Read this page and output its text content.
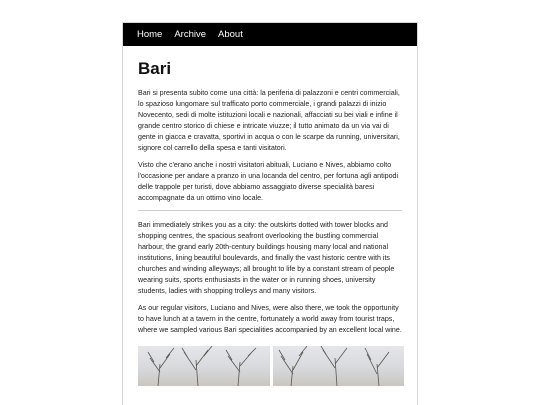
Home Archive About
Bari

Bari si presenta subito come una città: la periferia di palazzoni e centri commerciali, lo spazioso lungomare sul trafficato porto commerciale, i grandi palazzi di inizio Novecento, sedi di molte istituzioni locali e nazionali, affacciati su bei viali e infine il grande centro storico di chiese e intricate viuzze; il tutto animato da un via vai di gente in giacca e cravatta, sportivi in acqua o con le scarpe da running, universitari, signore col carrello della spesa e tanti visitatori.

Visto che c'erano anche i nostri visitatori abituali, Luciano e Nives, abbiamo colto l'occasione per andare a pranzo in una locanda del centro, per fortuna agli antipodi delle trappole per turisti, dove abbiamo assaggiato diverse specialità baresi accompagnate da un ottimo vino locale.

Bari immediately strikes you as a city: the outskirts dotted with tower blocks and shopping centres, the spacious seafront overlooking the bustling commercial harbour, the grand early 20th-century buildings housing many local and national institutions, lining beautiful boulevards, and finally the vast historic centre with its churches and winding alleyways; all brought to life by a constant stream of people wearing suits, sports enthusiasts in the water or in running shoes, university students, ladies with shopping trolleys and many visitors.

As our regular visitors, Luciano and Nives, were also there, we took the opportunity to have lunch at a tavern in the centre, fortunately a world away from tourist traps, where we sampled various Bari specialities accompanied by an excellent local wine.
